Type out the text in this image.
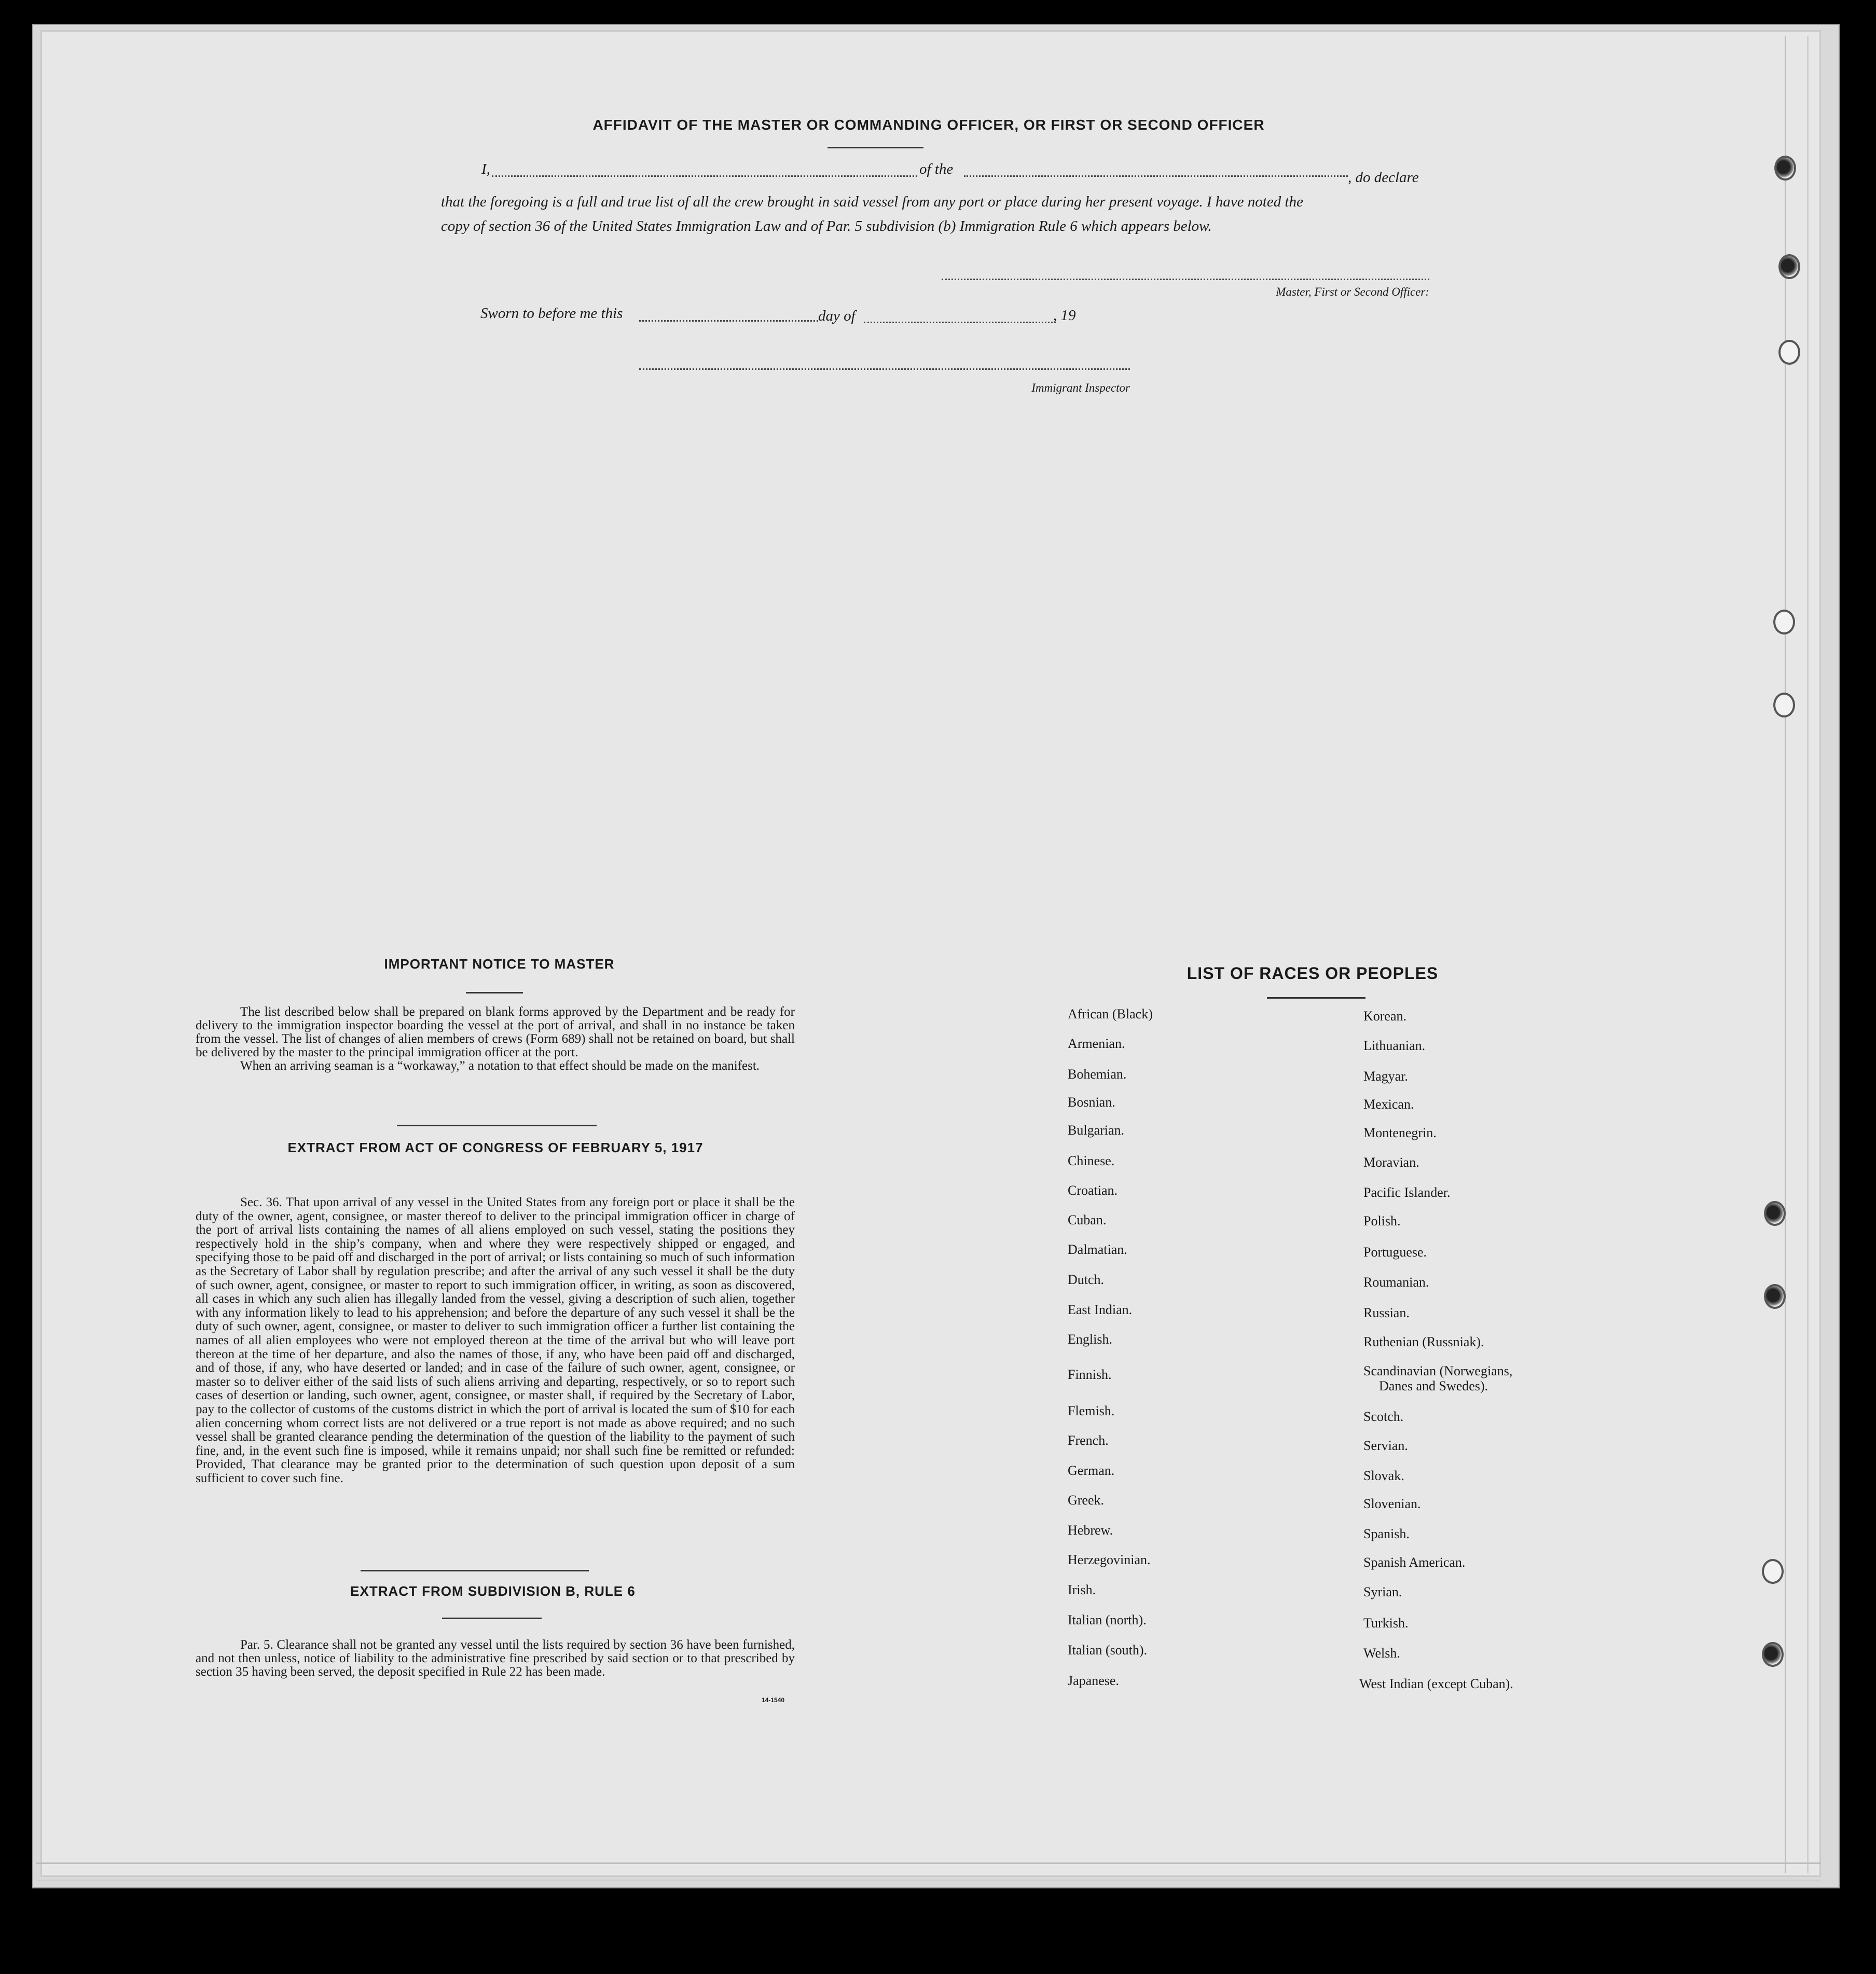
AFFIDAVIT OF THE MASTER OR COMMANDING OFFICER, OR FIRST OR SECOND OFFICER
I,	of the	, do declare
that the foregoing is a full and true list of all the crew brought in said vessel from any port or place during her present voyage. I have noted the
copy of section 36 of the United States Immigration Law and of Par. 5 subdivision (b) Immigration Rule 6 which appears below.
Master, First or Second Officer:
Sworn to before me this	day of	, 19
Immigrant Inspector
IMPORTANT NOTICE TO MASTER

The list described below shall be prepared on blank forms approved by the Department and be ready for delivery to the immigration inspector boarding the vessel at the port of arrival, and shall in no instance be taken from the vessel. The list of changes of alien members of crews (Form 689) shall not be retained on board, but shall be delivered by the master to the principal immigration officer at the port.

When an arriving seaman is a “workaway,” a notation to that effect should be made on the manifest.

EXTRACT FROM ACT OF CONGRESS OF FEBRUARY 5, 1917

Sec. 36. That upon arrival of any vessel in the United States from any foreign port or place it shall be the duty of the owner, agent, consignee, or master thereof to deliver to the principal immigration officer in charge of the port of arrival lists containing the names of all aliens employed on such vessel, stating the positions they respectively hold in the ship’s company, when and where they were respectively shipped or engaged, and specifying those to be paid off and discharged in the port of arrival; or lists containing so much of such information as the Secretary of Labor shall by regulation prescribe; and after the arrival of any such vessel it shall be the duty of such owner, agent, consignee, or master to report to such immigration officer, in writing, as soon as discovered, all cases in which any such alien has illegally landed from the vessel, giving a description of such alien, together with any information likely to lead to his apprehension; and before the departure of any such vessel it shall be the duty of such owner, agent, consignee, or master to deliver to such immigration officer a further list containing the names of all alien employees who were not employed thereon at the time of the arrival but who will leave port thereon at the time of her departure, and also the names of those, if any, who have been paid off and discharged, and of those, if any, who have deserted or landed; and in case of the failure of such owner, agent, consignee, or master so to deliver either of the said lists of such aliens arriving and departing, respectively, or so to report such cases of desertion or landing, such owner, agent, consignee, or master shall, if required by the Secretary of Labor, pay to the collector of customs of the customs district in which the port of arrival is located the sum of $10 for each alien concerning whom correct lists are not delivered or a true report is not made as above required; and no such vessel shall be granted clearance pending the determination of the question of the liability to the payment of such fine, and, in the event such fine is imposed, while it remains unpaid; nor shall such fine be remitted or refunded: Provided, That clearance may be granted prior to the determination of such question upon deposit of a sum sufficient to cover such fine.

EXTRACT FROM SUBDIVISION B, RULE 6

Par. 5. Clearance shall not be granted any vessel until the lists required by section 36 have been furnished, and not then unless, notice of liability to the administrative fine prescribed by said section or to that prescribed by section 35 having been served, the deposit specified in Rule 22 has been made.

14-1540
LIST OF RACES OR PEOPLES
African (Black)
Armenian.
Bohemian.
Bosnian.
Bulgarian.
Chinese.
Croatian.
Cuban.
Dalmatian.
Dutch.
East Indian.
English.
Finnish.
Flemish.
French.
German.
Greek.
Hebrew.
Herzegovinian.
Irish.
Italian (north).
Italian (south).
Japanese.
Korean.
Lithuanian.
Magyar.
Mexican.
Montenegrin.
Moravian.
Pacific Islander.
Polish.
Portuguese.
Roumanian.
Russian.
Ruthenian (Russniak).
Scandinavian (Norwegians,
Danes and Swedes).
Scotch.
Servian.
Slovak.
Slovenian.
Spanish.
Spanish American.
Syrian.
Turkish.
Welsh.
West Indian (except Cuban).
